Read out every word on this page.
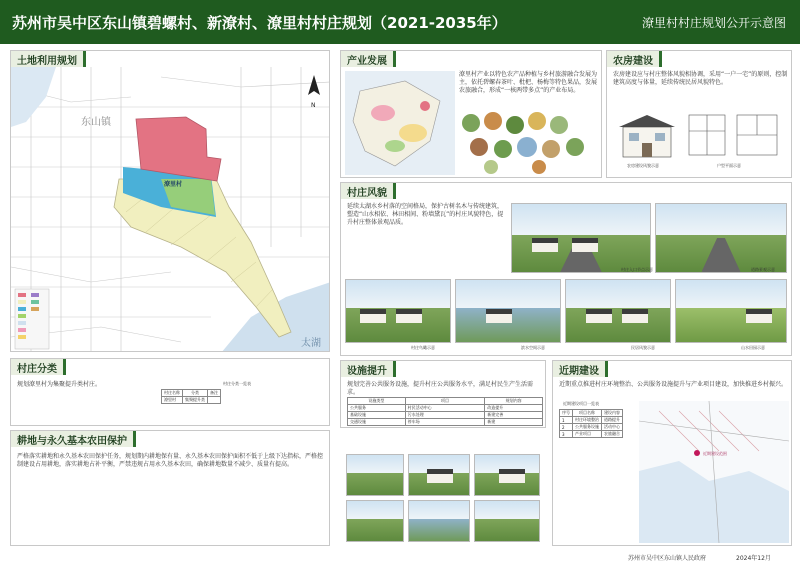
苏州市吴中区东山镇碧螺村、新潦村、潦里村村庄规划（2021-2035年）	潦里村村庄规划公开示意图
土地利用规划
N
东山镇
太湖
潦里村
产业发展
潦里村产业以特色农产品种植与乡村旅游融合发展为主，依托碧螺春茶叶、枇杷、杨梅等特色果品，发展农旅融合，形成“一核两带多点”的产业布局。
农房建设
农房建设应与村庄整体风貌相协调，采用“一户一宅”的原则，控制建筑高度与体量，延续传统民居风貌特色。
农房建设风貌示意	户型平面示意
村庄风貌
延续太湖水乡村落的空间格局，保护古树名木与传统建筑，塑造“山水相依、林田相间、粉墙黛瓦”的村庄风貌特色，提升村庄整体景观品质。
村庄入口节点示意	道路景观示意
村庄鸟瞰示意	滨水空间示意	民居风貌示意	山水田园示意
村庄分类
规划潦里村为集聚提升类村庄。	村庄分类一览表
村庄名称	分类	备注
潦里村	集聚提升类	
设施提升
规划完善公共服务设施，提升村庄公共服务水平，满足村民生产生活需求。
设施类型	项目	规划内容
公共服务	村民活动中心	改造提升
基础设施	污水处理	新建完善
交通设施	停车场	新建
近期建设
近期重点推进村庄环境整治、公共服务设施提升与产业项目建设，加快推进乡村振兴。
近期建设项目一览表
序号	项目名称	建设内容
1	村庄环境整治	道路提升
2	公共服务设施	活动中心
3	产业项目	农旅融合
近期建设范围
耕地与永久基本农田保护
严格落实耕地和永久基本农田保护任务，规划期内耕地保有量、永久基本农田保护面积不低于上级下达指标，严格控制建设占用耕地，落实耕地占补平衡，严禁违规占用永久基本农田，确保耕地数量不减少、质量有提高。
苏州市吴中区东山镇人民政府	2024年12月
